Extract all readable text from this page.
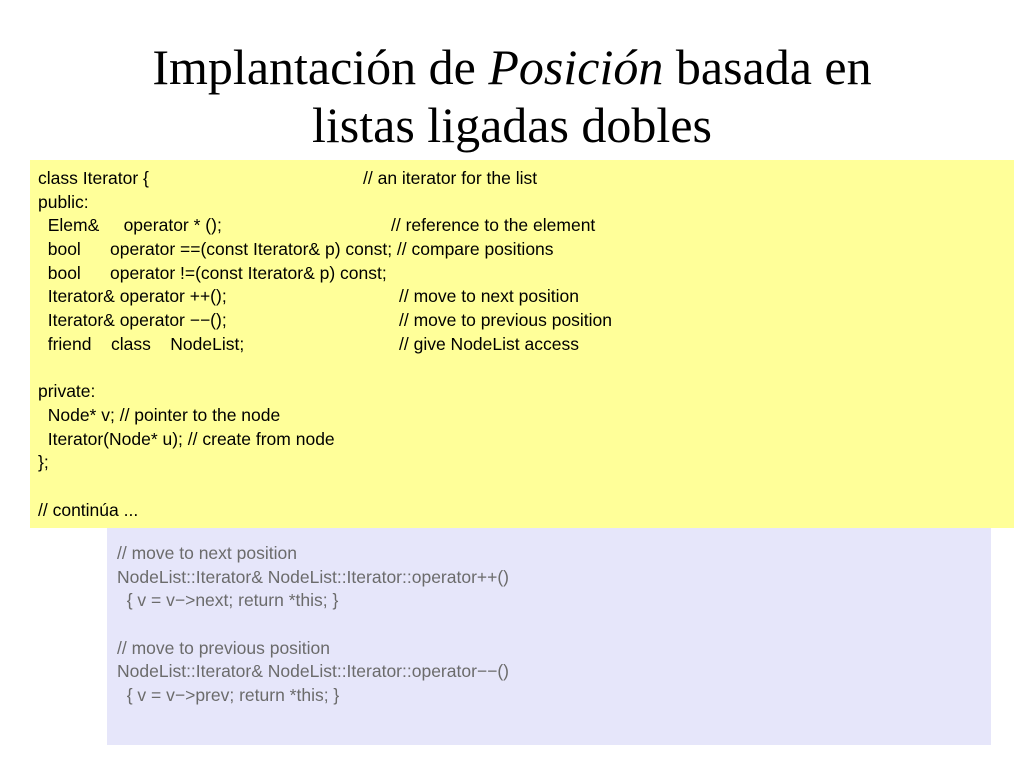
Implantación de Posición basada en
listas ligadas dobles
// move to next position
NodeList::Iterator& NodeList::Iterator::operator++()
{ v = v−>next; return *this; }
// move to previous position
NodeList::Iterator& NodeList::Iterator::operator−−()
{ v = v−>prev; return *this; }
class Iterator {	// an iterator for the list
public:
Elem&     operator * ();	// reference to the element
bool      operator ==(const Iterator& p) const; // compare positions
bool      operator !=(const Iterator& p) const;
Iterator& operator ++();	// move to next position
Iterator& operator −−();	// move to previous position
friend    class    NodeList;	// give NodeList access
private:
Node* v; // pointer to the node
Iterator(Node* u); // create from node
};
// continúa ...
